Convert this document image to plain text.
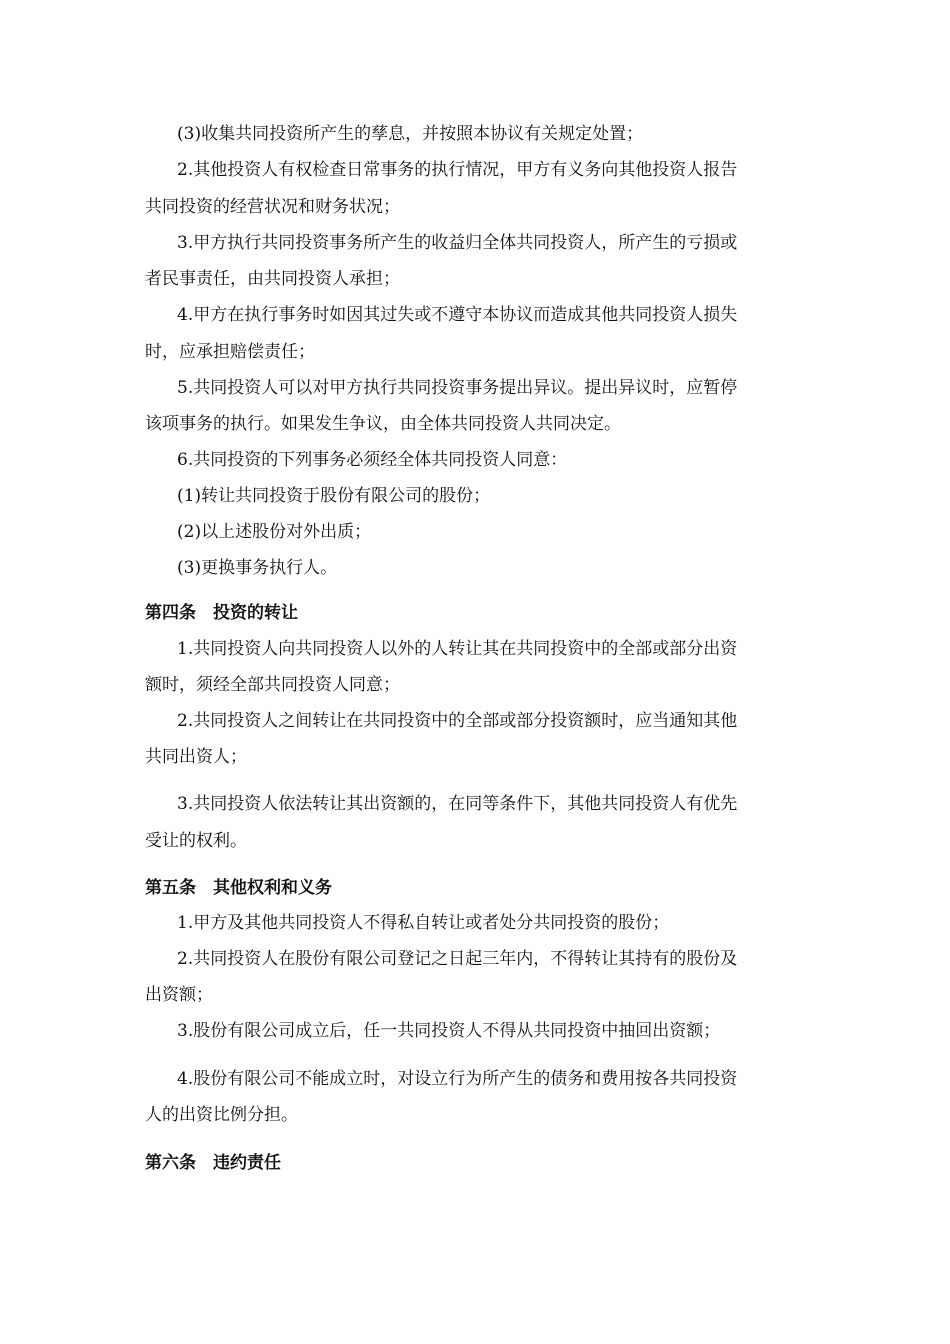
(3)收集共同投资所产生的孳息，并按照本协议有关规定处置；
2.其他投资人有权检查日常事务的执行情况，甲方有义务向其他投资人报告
共同投资的经营状况和财务状况；
3.甲方执行共同投资事务所产生的收益归全体共同投资人，所产生的亏损或
者民事责任，由共同投资人承担；
4.甲方在执行事务时如因其过失或不遵守本协议而造成其他共同投资人损失
时，应承担赔偿责任；
5.共同投资人可以对甲方执行共同投资事务提出异议。提出异议时，应暂停
该项事务的执行。如果发生争议，由全体共同投资人共同决定。
6.共同投资的下列事务必须经全体共同投资人同意：
(1)转让共同投资于股份有限公司的股份；
(2)以上述股份对外出质；
(3)更换事务执行人。
第四条　投资的转让
1.共同投资人向共同投资人以外的人转让其在共同投资中的全部或部分出资
额时，须经全部共同投资人同意；
2.共同投资人之间转让在共同投资中的全部或部分投资额时，应当通知其他
共同出资人；
3.共同投资人依法转让其出资额的，在同等条件下，其他共同投资人有优先
受让的权利。
第五条　其他权利和义务
1.甲方及其他共同投资人不得私自转让或者处分共同投资的股份；
2.共同投资人在股份有限公司登记之日起三年内，不得转让其持有的股份及
出资额；
3.股份有限公司成立后，任一共同投资人不得从共同投资中抽回出资额；
4.股份有限公司不能成立时，对设立行为所产生的债务和费用按各共同投资
人的出资比例分担。
第六条　违约责任
